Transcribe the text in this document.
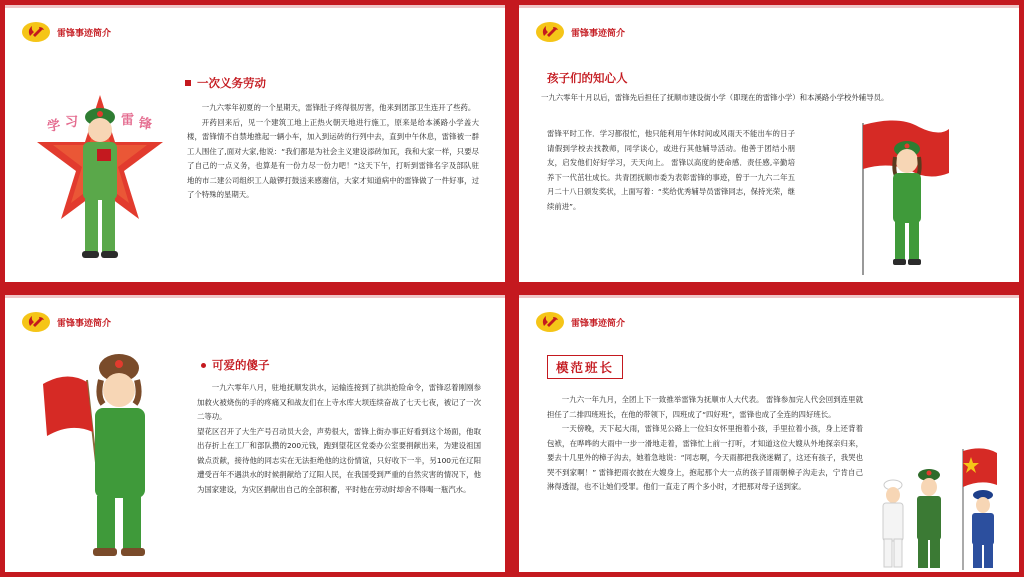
雷锋事迹简介
学 习	雷 锋
一次义务劳动

一九六零年初夏的一个星期天，雷锋肚子疼得很厉害，他来到团部卫生连开了些药。

开药回来后，见一个建筑工地上正热火朝天地进行施工，原来是给本溪路小学盖大楼，雷锋情不自禁地推起一辆小车，加入到运砖的行列中去，直到中午休息，雷锋被一群工人围住了,面对大家,他说：“我们都是为社会主义建设添砖加瓦，我和大家一样，只要尽了自己的一点义务，也算是有一份力尽一份力吧！”这天下午，打听到雷锋名字及部队驻地的市二建公司组织工人敲锣打鼓送来感谢信，大家才知道病中的雷锋做了一件好事，过了个特殊的星期天。

雷锋事迹简介
孩子们的知心人

一九六零年十月以后，雷锋先后担任了抚顺市建设街小学（即现在的雷锋小学）和本溪路小学校外辅导员。

雷锋平时工作．学习都很忙，他只能利用午休时间或风雨天不能出车的日子请假到学校去找教师，同学谈心，或进行其他辅导活动。他善于团结小朋友，启发他们好好学习，天天向上。 雷锋以高度的使命感．责任感,辛勤培养下一代茁壮成长。共青团抚顺市委为表彰雷锋的事迹，曾于一九六二年五月二十八日颁发奖状，上面写着：“奖给优秀辅导员雷锋同志，保持光荣，继续前进”。

雷锋事迹简介
可爱的傻子

一九六零年八月，驻地抚顺发洪水，运输连接到了抗洪抢险命令，雷锋忍着刚刚参加救火被烧伤的手的疼痛又和战友们在上寺水库大坝连续奋战了七天七夜，被记了一次二等功。

望花区召开了大生产号召动员大会，声势很大，雷锋上街办事正好看到这个场面，他取出存折上在工厂和部队攒的200元钱，跑到望花区党委办公室要捐献出来，为建设祖国做点贡献，接待他的同志实在无法拒绝他的这份情谊，只好收下一半，另100元在辽阳遭受百年不遇洪水的时候捐献给了辽阳人民，在我国受到严重的自然灾害的情况下，他为国家建设，为灾区捐献出自己的全部积蓄，平时他在劳动时却舍不得喝一瓶汽水。

雷锋事迹简介
模范班长

一九六一年九月，全团上下一致推举雷锋为抚顺市人大代表。 雷锋参加完人代会回到连里就担任了二排四班班长，在他的带领下，四班成了“四好班”，雷锋也成了全连的四好班长。

一天傍晚，天下起大雨，雷锋见公路上一位妇女怀里抱着小孩，手里拉着小孩，身上还背着包袱，在哗哗的大雨中一步一滑地走着，雷锋忙上前一打听，才知道这位大嫂从外地探亲归来，要去十几里外的樟子沟去，她着急地说：“同志啊，今天雨都把我浇迷糊了，这还有孩子，我哭也哭不到家啊！” 雷锋把雨衣披在大嫂身上，抱起那个大一点的孩子冒雨朝樟子沟走去，宁肯自己淋得透湿，也不让她们受罪。他们一直走了两个多小时，才把那对母子送到家。
